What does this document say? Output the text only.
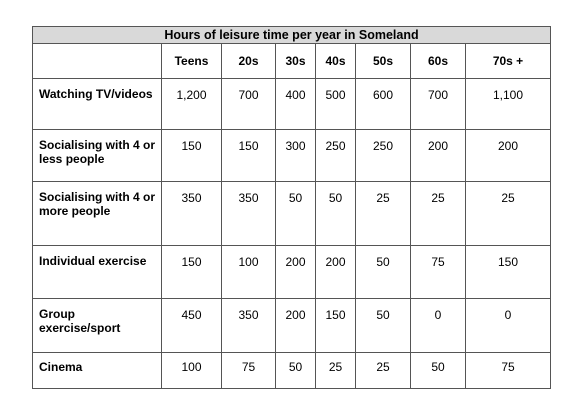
Hours of leisure time per year in Someland							
	Teens	20s	30s	40s	50s	60s	70s +
Watching TV/videos	1,200	700	400	500	600	700	1,100
Socialising with 4 or less people	150	150	300	250	250	200	200
Socialising with 4 or more people	350	350	50	50	25	25	25
Individual exercise	150	100	200	200	50	75	150
Group exercise/sport	450	350	200	150	50	0	0
Cinema	100	75	50	25	25	50	75
